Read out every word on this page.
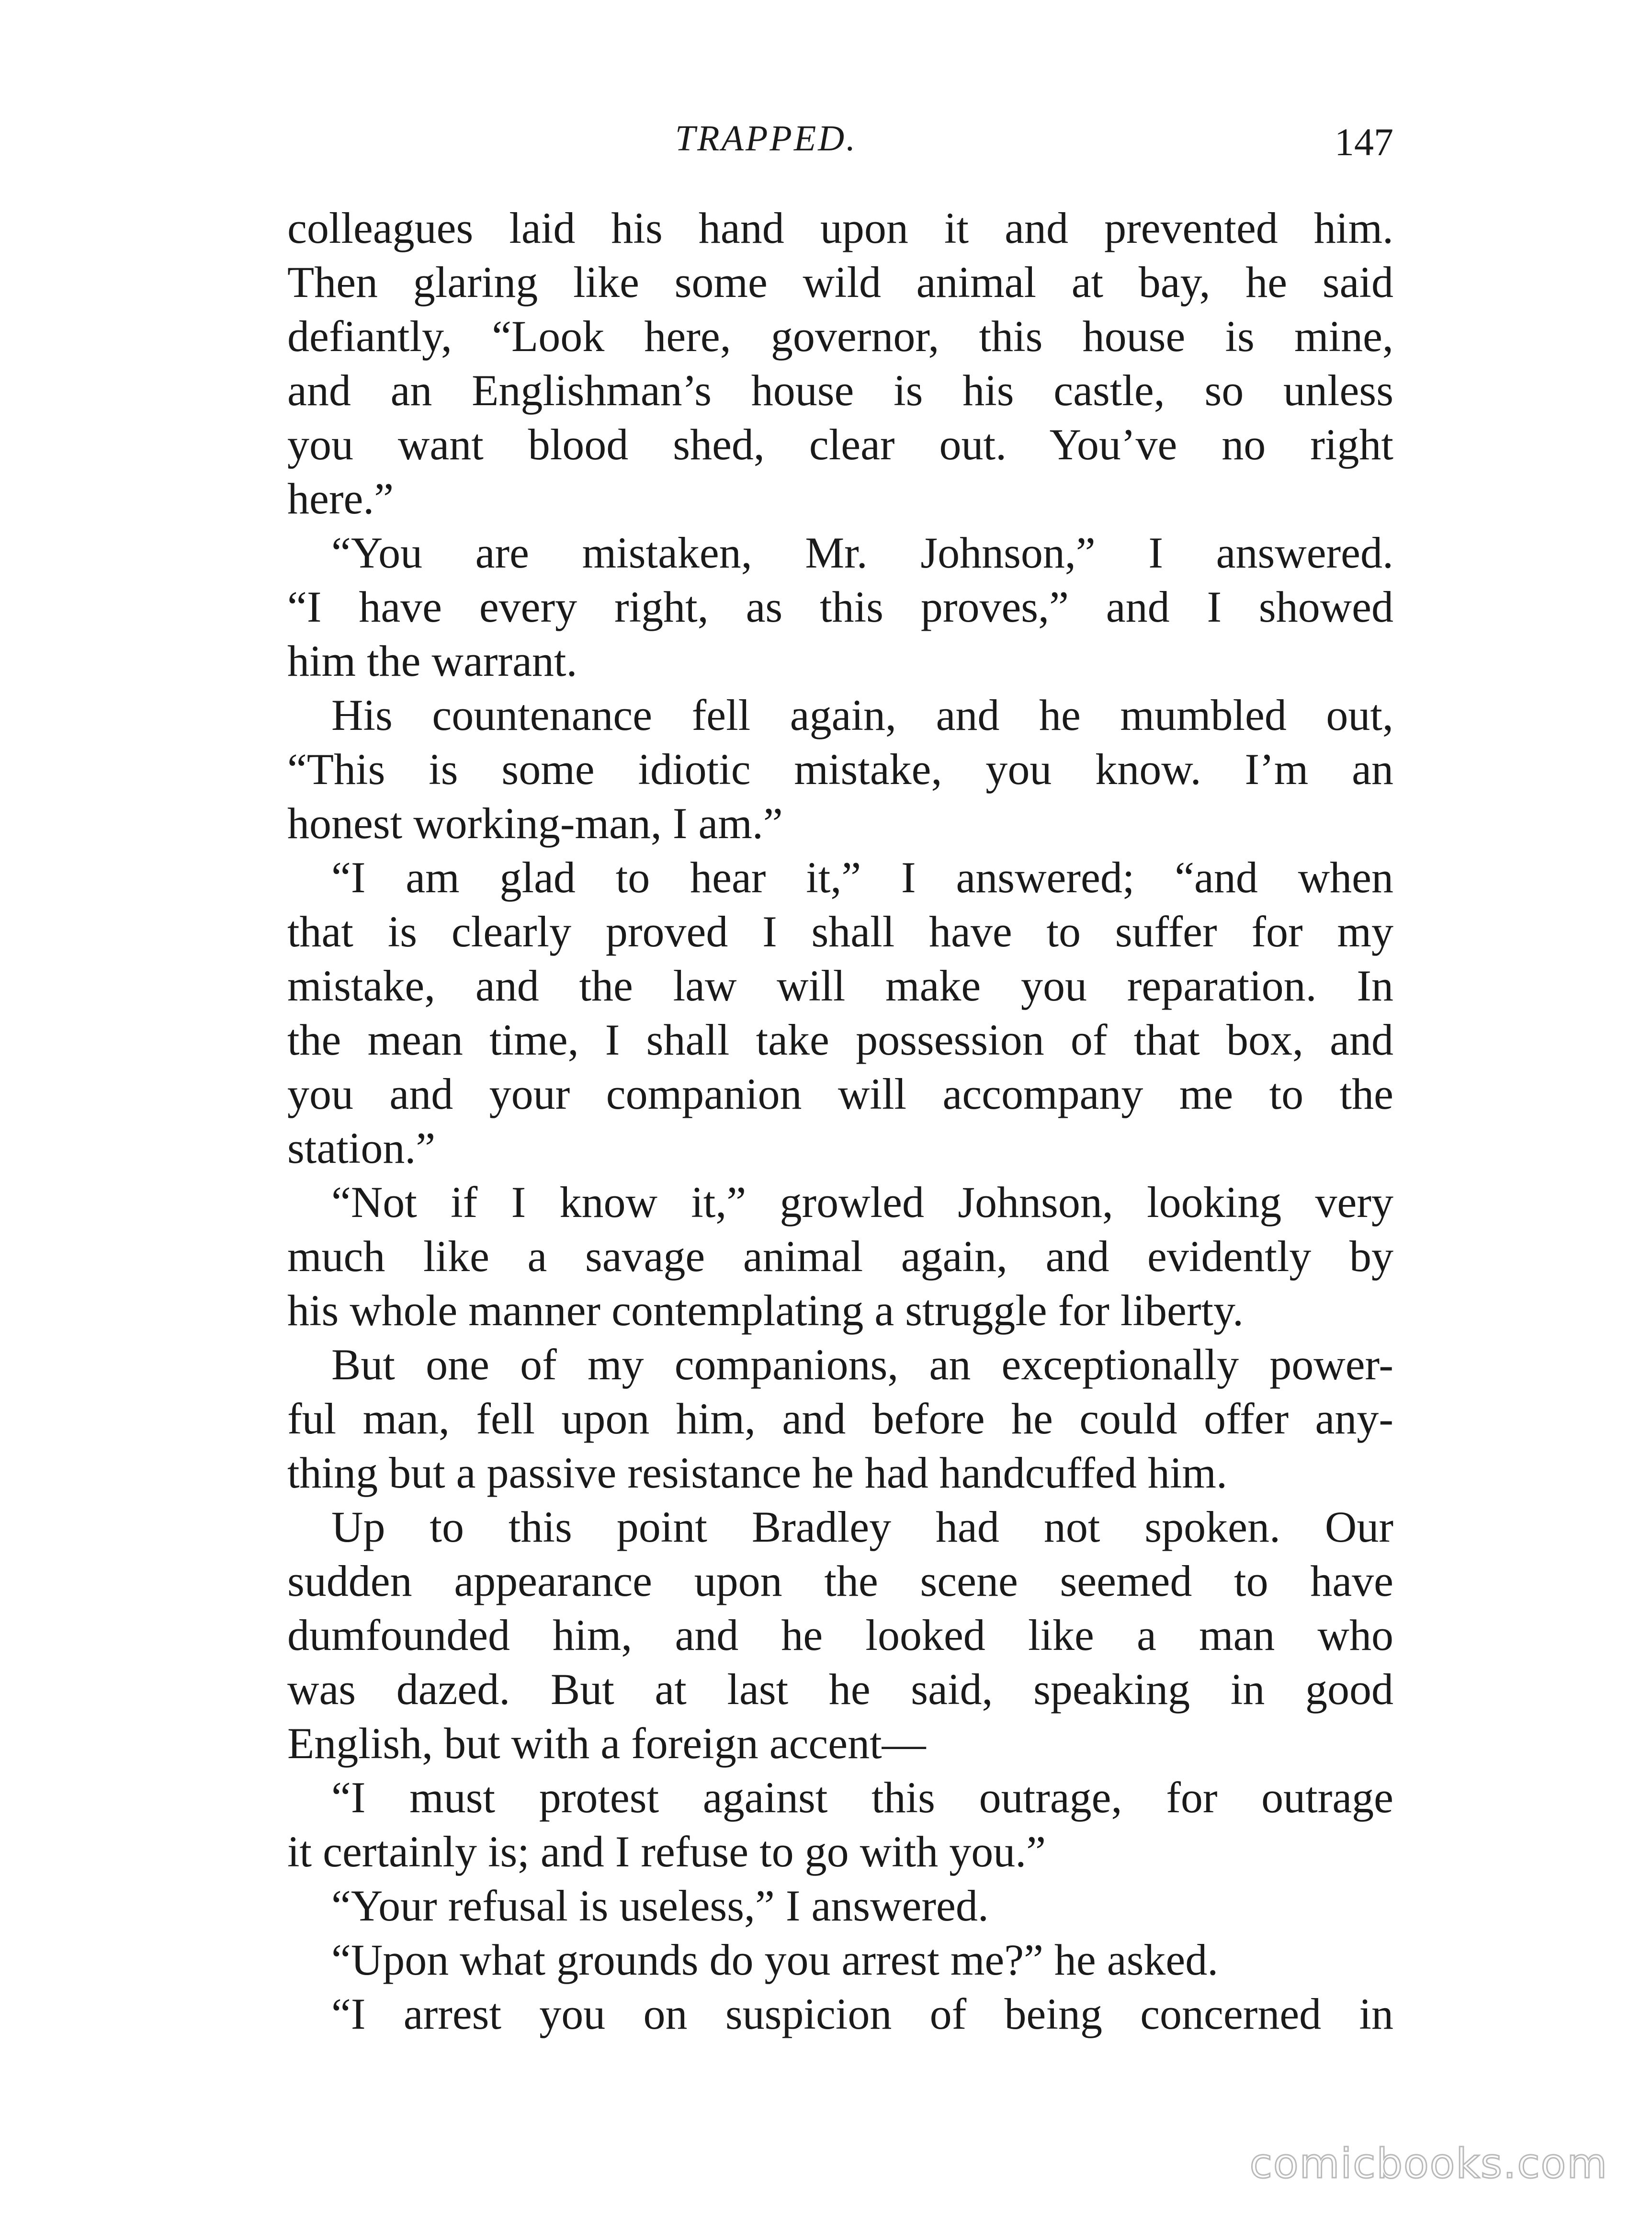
TRAPPED.	147
colleagues laid his hand upon it and prevented him.
Then glaring like some wild animal at bay, he said
defiantly, “Look here, governor, this house is mine,
and an Englishman’s house is his castle, so unless
you want blood shed, clear out. You’ve no right
here.”
“You are mistaken, Mr. Johnson,” I answered.
“I have every right, as this proves,” and I showed
him the warrant.
His countenance fell again, and he mumbled out,
“This is some idiotic mistake, you know. I’m an
honest working-man, I am.”
“I am glad to hear it,” I answered; “and when
that is clearly proved I shall have to suffer for my
mistake, and the law will make you reparation. In
the mean time, I shall take possession of that box, and
you and your companion will accompany me to the
station.”
“Not if I know it,” growled Johnson, looking very
much like a savage animal again, and evidently by
his whole manner contemplating a struggle for liberty.
But one of my companions, an exceptionally power-
ful man, fell upon him, and before he could offer any-
thing but a passive resistance he had handcuffed him.
Up to this point Bradley had not spoken. Our
sudden appearance upon the scene seemed to have
dumfounded him, and he looked like a man who
was dazed. But at last he said, speaking in good
English, but with a foreign accent—
“I must protest against this outrage, for outrage
it certainly is; and I refuse to go with you.”
“Your refusal is useless,” I answered.
“Upon what grounds do you arrest me?” he asked.
“I arrest you on suspicion of being concerned in
comicbooks.com
